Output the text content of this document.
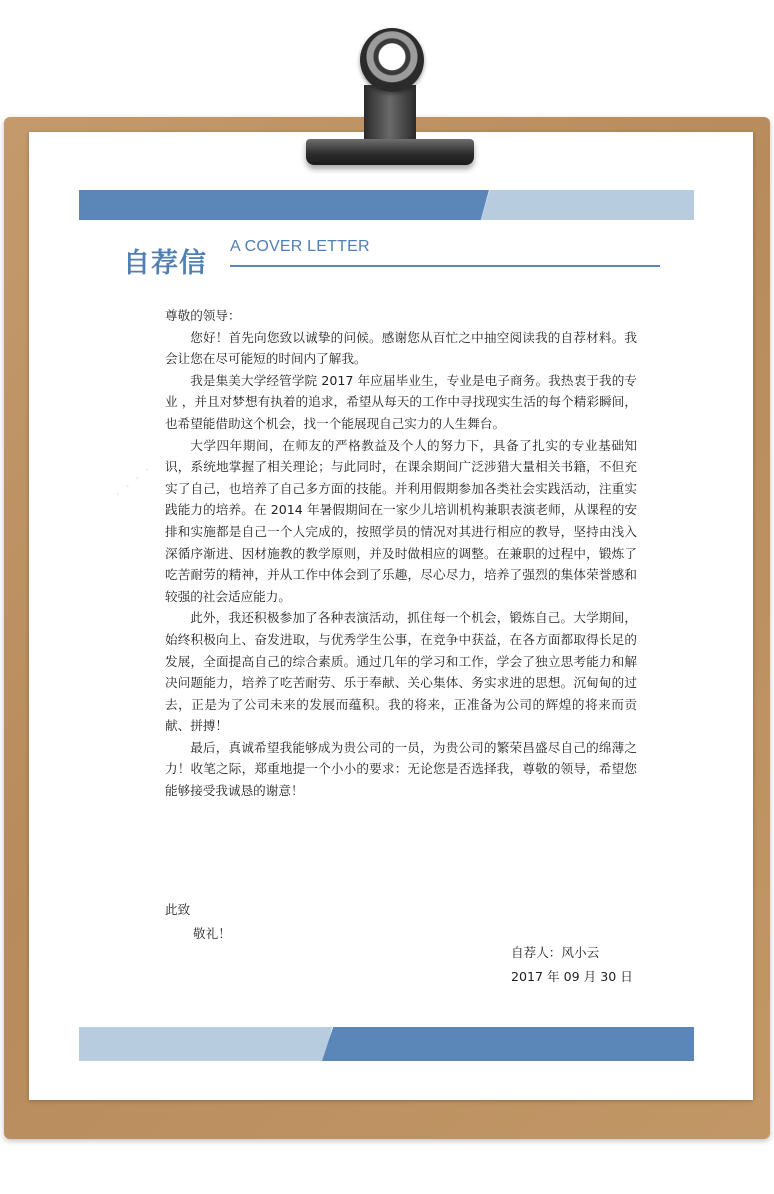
· · · ·
自荐信
A COVER LETTER

尊敬的领导：

您好！首先向您致以诚挚的问候。感谢您从百忙之中抽空阅读我的自荐材料。我会让您在尽可能短的时间内了解我。

我是集美大学经管学院 2017 年应届毕业生，专业是电子商务。我热衷于我的专业 ，并且对梦想有执着的追求，希望从每天的工作中寻找现实生活的每个精彩瞬间，也希望能借助这个机会，找一个能展现自己实力的人生舞台。

大学四年期间，在师友的严格教益及个人的努力下，具备了扎实的专业基础知识，系统地掌握了相关理论；与此同时，在课余期间广泛涉猎大量相关书籍，不但充实了自己，也培养了自己多方面的技能。并利用假期参加各类社会实践活动，注重实践能力的培养。在 2014 年暑假期间在一家少儿培训机构兼职表演老师，从课程的安排和实施都是自己一个人完成的，按照学员的情况对其进行相应的教导，坚持由浅入深循序渐进、因材施教的教学原则，并及时做相应的调整。在兼职的过程中，锻炼了吃苦耐劳的精神，并从工作中体会到了乐趣，尽心尽力，培养了强烈的集体荣誉感和较强的社会适应能力。

此外，我还积极参加了各种表演活动，抓住每一个机会，锻炼自己。大学期间，始终积极向上、奋发进取，与优秀学生公事，在竞争中获益，在各方面都取得长足的发展，全面提高自己的综合素质。通过几年的学习和工作，学会了独立思考能力和解决问题能力，培养了吃苦耐劳、乐于奉献、关心集体、务实求进的思想。沉甸甸的过去，正是为了公司未来的发展而蕴积。我的将来，正准备为公司的辉煌的将来而贡献、拼搏！

最后，真诚希望我能够成为贵公司的一员，为贵公司的繁荣昌盛尽自己的绵薄之力！收笔之际，郑重地提一个小小的要求：无论您是否选择我，尊敬的领导，希望您能够接受我诚恳的谢意！

此致
敬礼！
自荐人：风小云
2017 年 09 月 30 日
